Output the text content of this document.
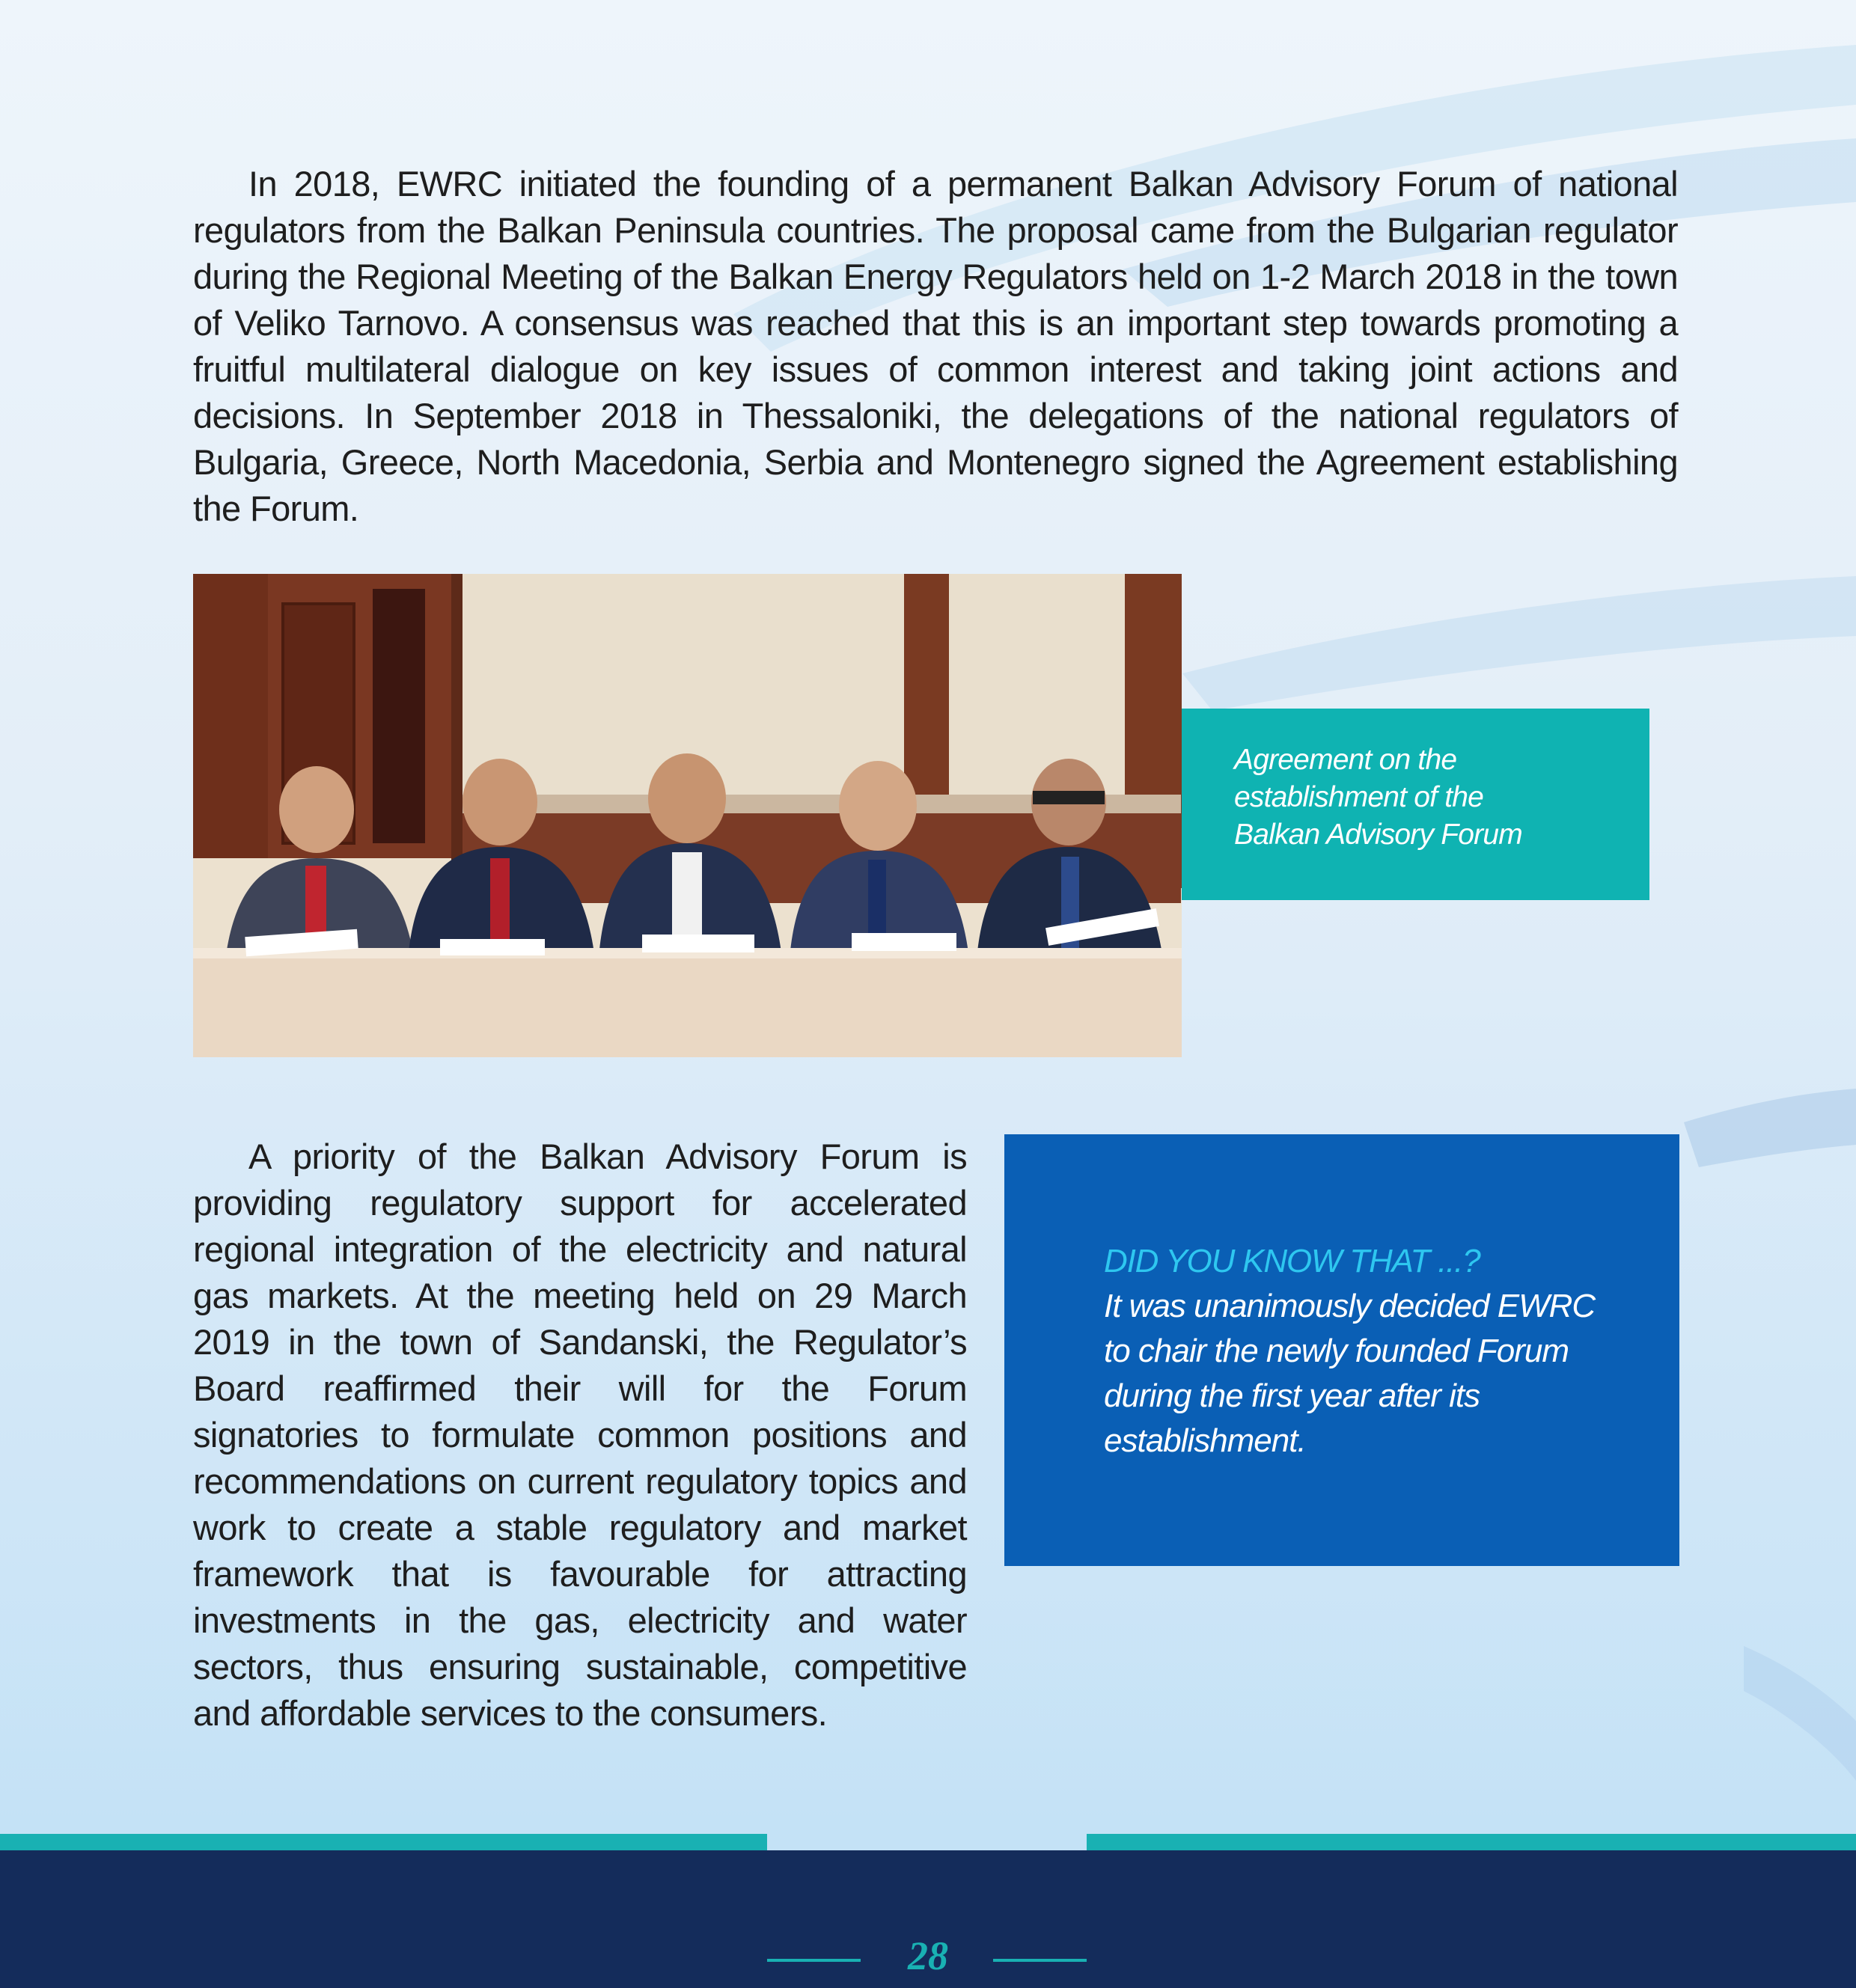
In 2018, EWRC initiated the founding of a permanent Balkan Advisory Forum of national regulators from the Balkan Peninsula countries. The proposal came from the Bulgarian regulator during the Regional Meeting of the Balkan Energy Regulators held on 1-2 March 2018 in the town of Veliko Tarnovo. A consensus was reached that this is an important step towards promoting a fruitful multilateral dialogue on key issues of common interest and taking joint actions and decisions. In September 2018 in Thessaloniki, the delegations of the national regulators of Bulgaria, Greece, North Macedonia, Serbia and Montenegro signed the Agreement establishing the Forum.

Agreement on the

establishment of the

Balkan Advisory Forum

A priority of the Balkan Advisory Forum is providing regulatory support for accelerated regional integration of the electricity and natural gas markets. At the meeting held on 29 March 2019 in the town of Sandanski, the Regulator’s Board reaffirmed their will for the Forum signatories to formulate common positions and recommendations on current regulatory topics and work to create a stable regulatory and market framework that is favourable for attracting investments in the gas, electricity and water sectors, thus ensuring sustainable, competitive and affordable services to the consumers.

DID YOU KNOW THAT ...?

It was unanimously decided EWRC

to chair the newly founded Forum

during the first year after its

establishment.

28
